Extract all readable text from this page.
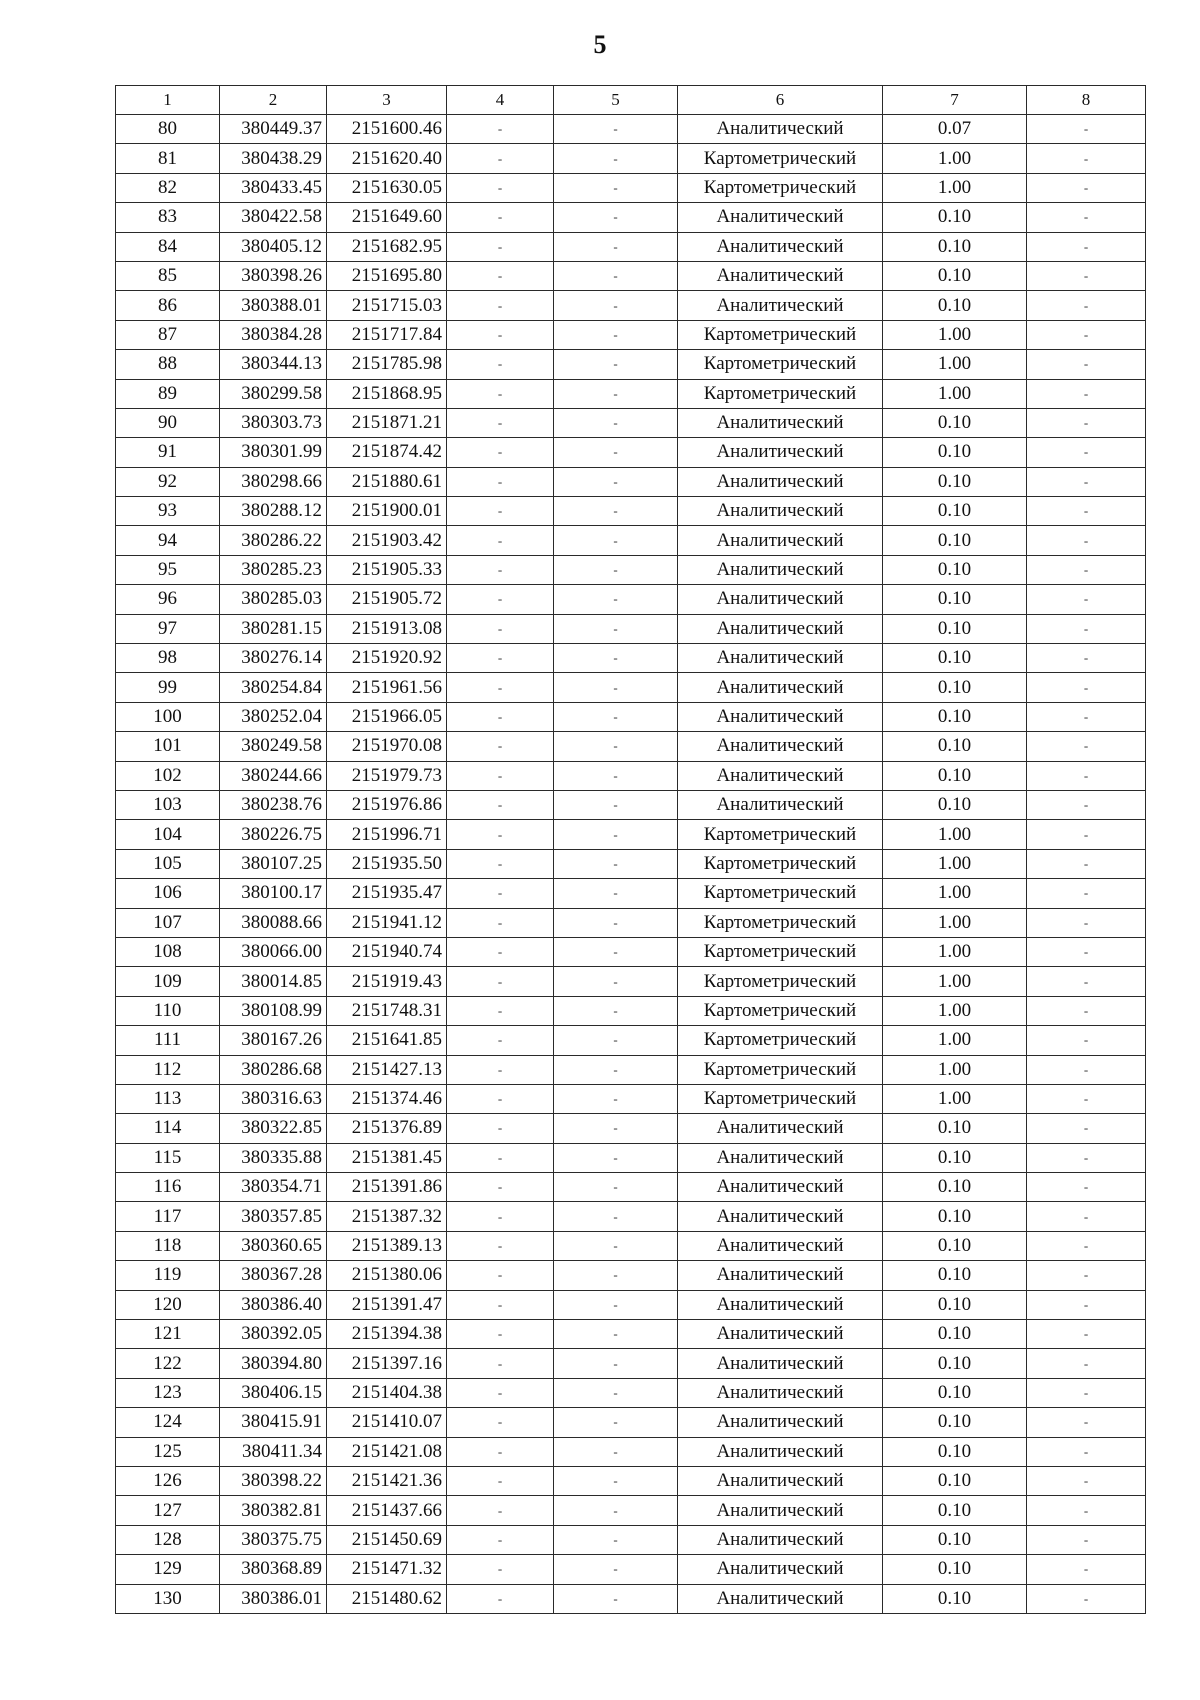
5
1	2	3	4	5	6	7	8
80	380449.37	2151600.46	-	-	Аналитический	0.07	-
81	380438.29	2151620.40	-	-	Картометрический	1.00	-
82	380433.45	2151630.05	-	-	Картометрический	1.00	-
83	380422.58	2151649.60	-	-	Аналитический	0.10	-
84	380405.12	2151682.95	-	-	Аналитический	0.10	-
85	380398.26	2151695.80	-	-	Аналитический	0.10	-
86	380388.01	2151715.03	-	-	Аналитический	0.10	-
87	380384.28	2151717.84	-	-	Картометрический	1.00	-
88	380344.13	2151785.98	-	-	Картометрический	1.00	-
89	380299.58	2151868.95	-	-	Картометрический	1.00	-
90	380303.73	2151871.21	-	-	Аналитический	0.10	-
91	380301.99	2151874.42	-	-	Аналитический	0.10	-
92	380298.66	2151880.61	-	-	Аналитический	0.10	-
93	380288.12	2151900.01	-	-	Аналитический	0.10	-
94	380286.22	2151903.42	-	-	Аналитический	0.10	-
95	380285.23	2151905.33	-	-	Аналитический	0.10	-
96	380285.03	2151905.72	-	-	Аналитический	0.10	-
97	380281.15	2151913.08	-	-	Аналитический	0.10	-
98	380276.14	2151920.92	-	-	Аналитический	0.10	-
99	380254.84	2151961.56	-	-	Аналитический	0.10	-
100	380252.04	2151966.05	-	-	Аналитический	0.10	-
101	380249.58	2151970.08	-	-	Аналитический	0.10	-
102	380244.66	2151979.73	-	-	Аналитический	0.10	-
103	380238.76	2151976.86	-	-	Аналитический	0.10	-
104	380226.75	2151996.71	-	-	Картометрический	1.00	-
105	380107.25	2151935.50	-	-	Картометрический	1.00	-
106	380100.17	2151935.47	-	-	Картометрический	1.00	-
107	380088.66	2151941.12	-	-	Картометрический	1.00	-
108	380066.00	2151940.74	-	-	Картометрический	1.00	-
109	380014.85	2151919.43	-	-	Картометрический	1.00	-
110	380108.99	2151748.31	-	-	Картометрический	1.00	-
111	380167.26	2151641.85	-	-	Картометрический	1.00	-
112	380286.68	2151427.13	-	-	Картометрический	1.00	-
113	380316.63	2151374.46	-	-	Картометрический	1.00	-
114	380322.85	2151376.89	-	-	Аналитический	0.10	-
115	380335.88	2151381.45	-	-	Аналитический	0.10	-
116	380354.71	2151391.86	-	-	Аналитический	0.10	-
117	380357.85	2151387.32	-	-	Аналитический	0.10	-
118	380360.65	2151389.13	-	-	Аналитический	0.10	-
119	380367.28	2151380.06	-	-	Аналитический	0.10	-
120	380386.40	2151391.47	-	-	Аналитический	0.10	-
121	380392.05	2151394.38	-	-	Аналитический	0.10	-
122	380394.80	2151397.16	-	-	Аналитический	0.10	-
123	380406.15	2151404.38	-	-	Аналитический	0.10	-
124	380415.91	2151410.07	-	-	Аналитический	0.10	-
125	380411.34	2151421.08	-	-	Аналитический	0.10	-
126	380398.22	2151421.36	-	-	Аналитический	0.10	-
127	380382.81	2151437.66	-	-	Аналитический	0.10	-
128	380375.75	2151450.69	-	-	Аналитический	0.10	-
129	380368.89	2151471.32	-	-	Аналитический	0.10	-
130	380386.01	2151480.62	-	-	Аналитический	0.10	-
